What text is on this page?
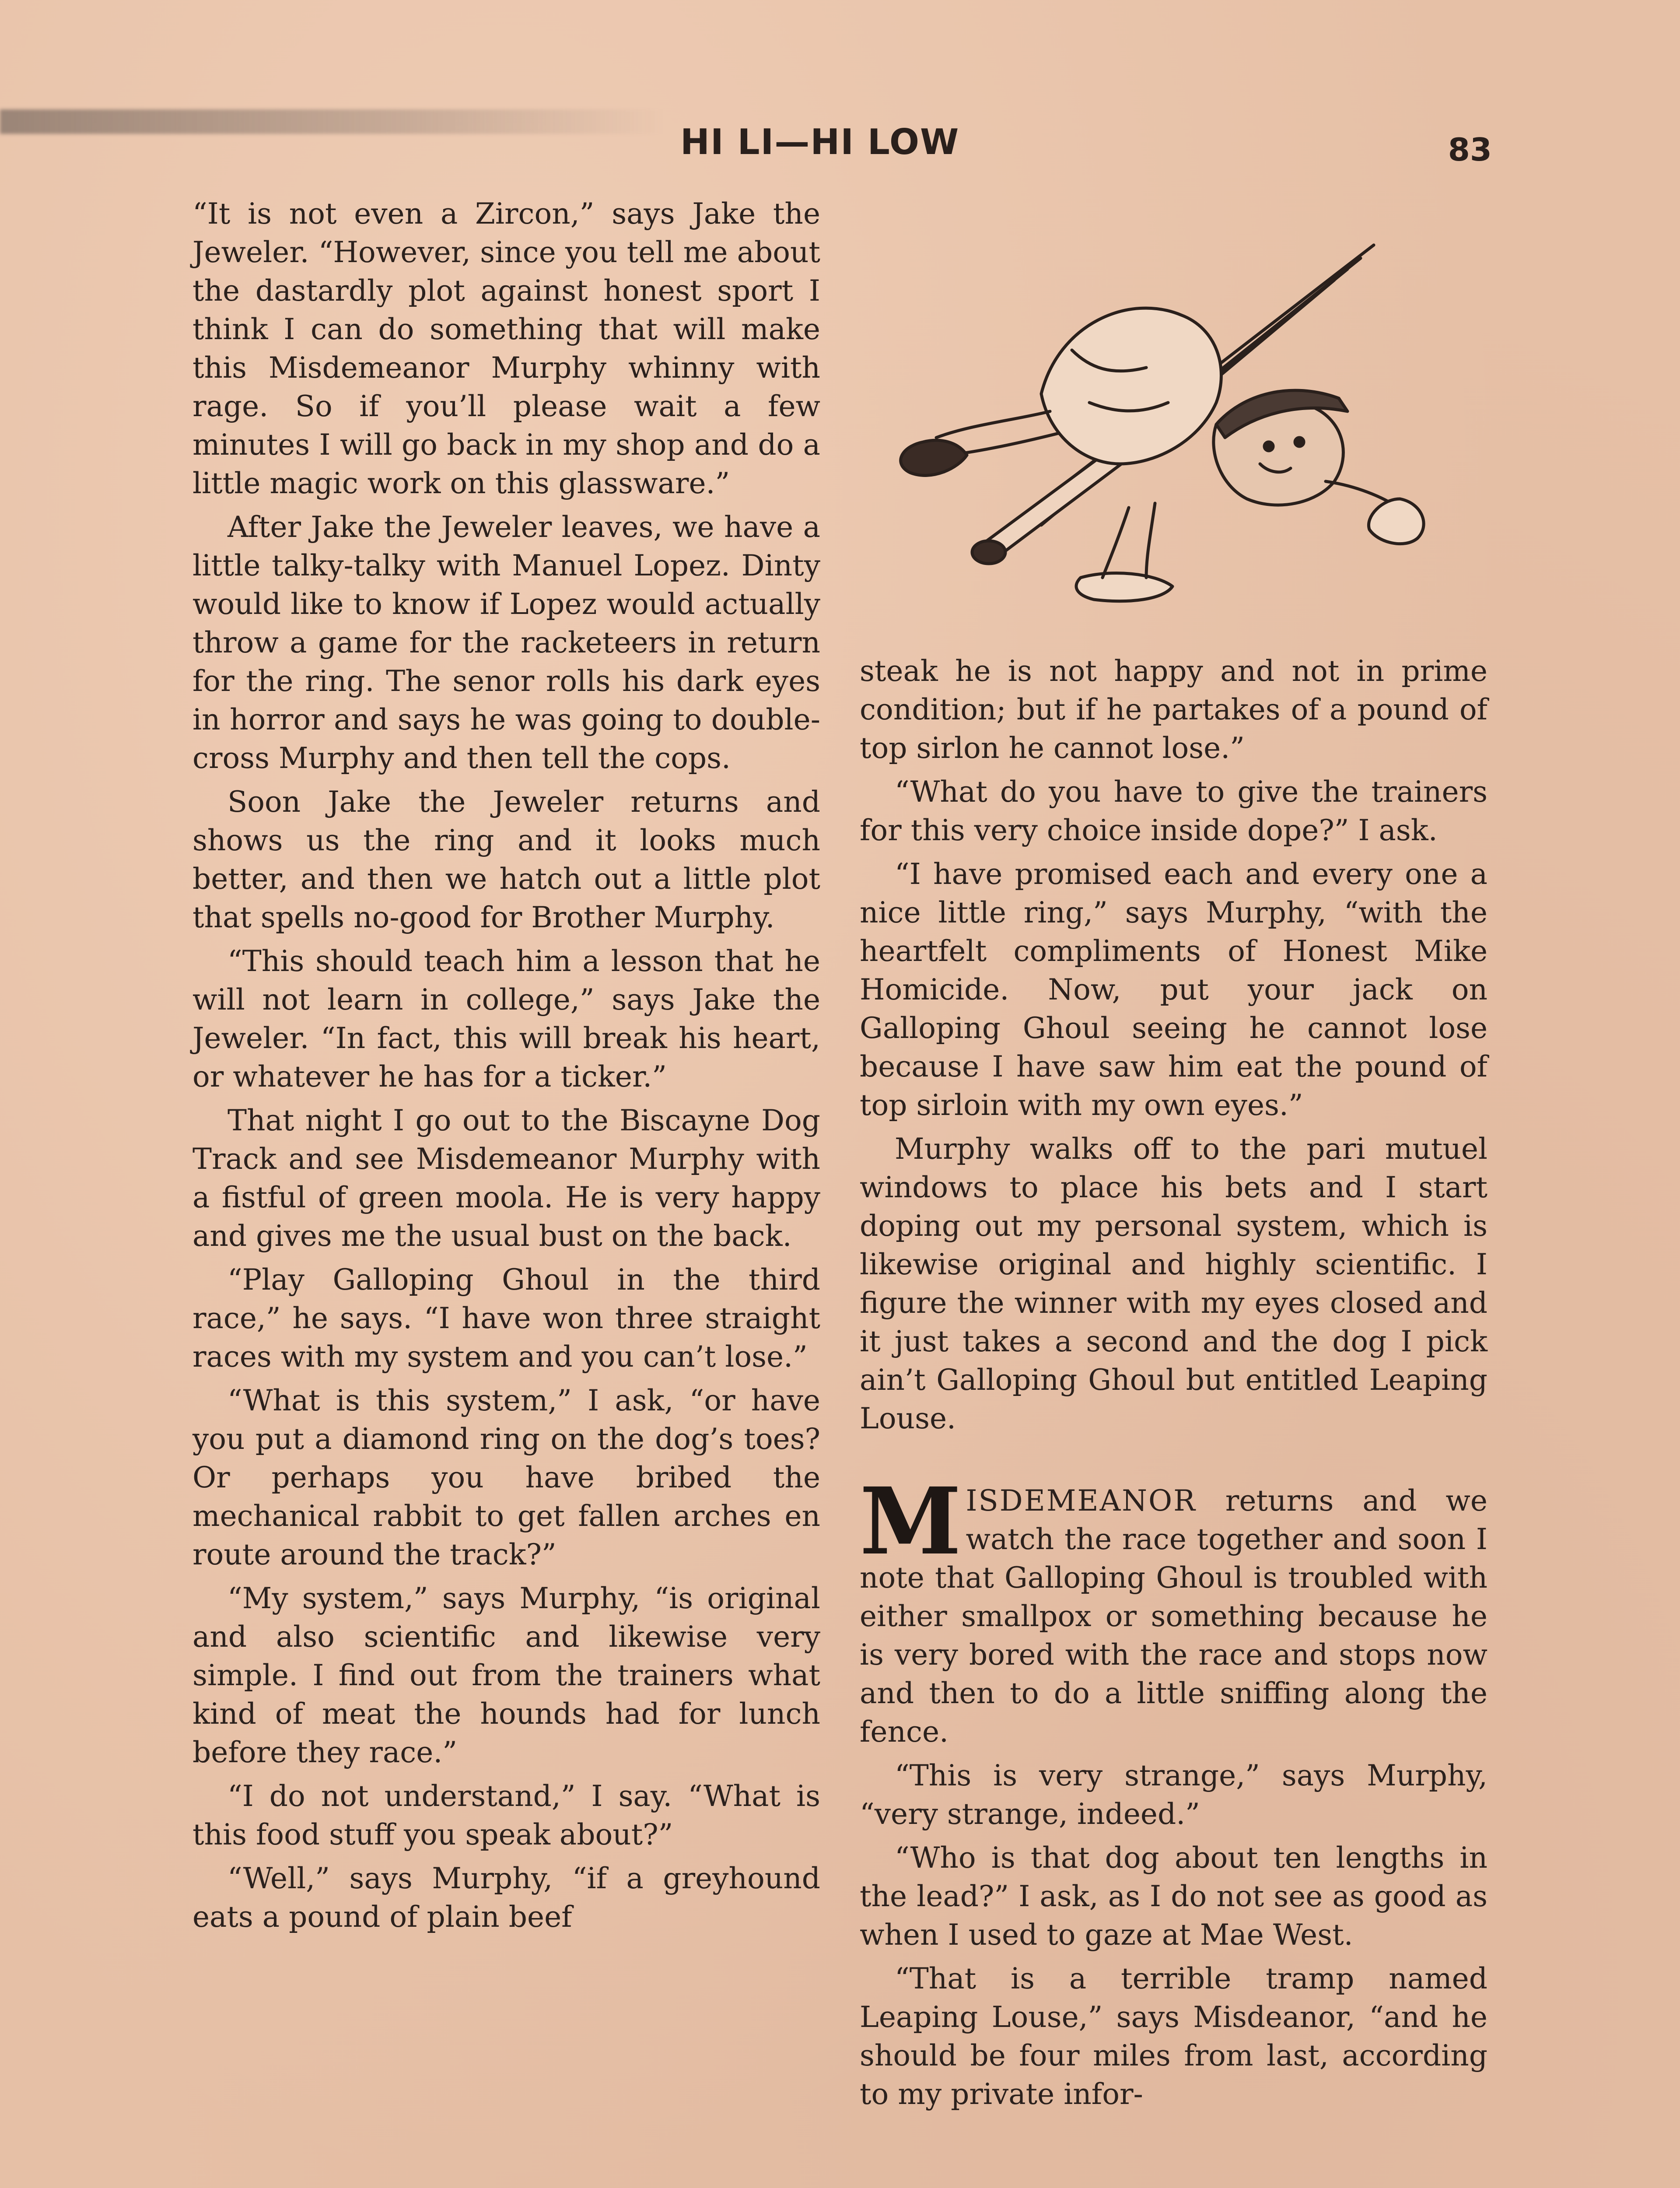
HI LI—HI LOW	83

“It is not even a Zircon,” says Jake the Jeweler. “However, since you tell me about the dastardly plot against honest sport I think I can do something that will make this Misdemeanor Murphy whinny with rage. So if you’ll please wait a few minutes I will go back in my shop and do a little magic work on this glassware.”

After Jake the Jeweler leaves, we have a little talky-talky with Manuel Lopez. Dinty would like to know if Lopez would actually throw a game for the racketeers in return for the ring. The senor rolls his dark eyes in horror and says he was going to double-cross Murphy and then tell the cops.

Soon Jake the Jeweler returns and shows us the ring and it looks much better, and then we hatch out a little plot that spells no-good for Brother Murphy.

“This should teach him a lesson that he will not learn in college,” says Jake the Jeweler. “In fact, this will break his heart, or whatever he has for a ticker.”

That night I go out to the Biscayne Dog Track and see Misdemeanor Murphy with a fistful of green moola. He is very happy and gives me the usual bust on the back.

“Play Galloping Ghoul in the third race,” he says. “I have won three straight races with my system and you can’t lose.”

“What is this system,” I ask, “or have you put a diamond ring on the dog’s toes? Or perhaps you have bribed the mechanical rabbit to get fallen arches en route around the track?”

“My system,” says Murphy, “is original and also scientific and likewise very simple. I find out from the trainers what kind of meat the hounds had for lunch before they race.”

“I do not understand,” I say. “What is this food stuff you speak about?”

“Well,” says Murphy, “if a greyhound eats a pound of plain beef

steak he is not happy and not in prime condition; but if he partakes of a pound of top sirlon he cannot lose.”

“What do you have to give the trainers for this very choice inside dope?” I ask.

“I have promised each and every one a nice little ring,” says Murphy, “with the heartfelt compliments of Honest Mike Homicide. Now, put your jack on Galloping Ghoul seeing he cannot lose because I have saw him eat the pound of top sirloin with my own eyes.”

Murphy walks off to the pari mutuel windows to place his bets and I start doping out my personal system, which is likewise original and highly scientific. I figure the winner with my eyes closed and it just takes a second and the dog I pick ain’t Galloping Ghoul but entitled Leaping Louse.

MISDEMEANOR returns and we watch the race together and soon I note that Galloping Ghoul is troubled with either smallpox or something because he is very bored with the race and stops now and then to do a little sniffing along the fence.

“This is very strange,” says Murphy, “very strange, indeed.”

“Who is that dog about ten lengths in the lead?” I ask, as I do not see as good as when I used to gaze at Mae West.

“That is a terrible tramp named Leaping Louse,” says Misdeanor, “and he should be four miles from last, according to my private infor-
